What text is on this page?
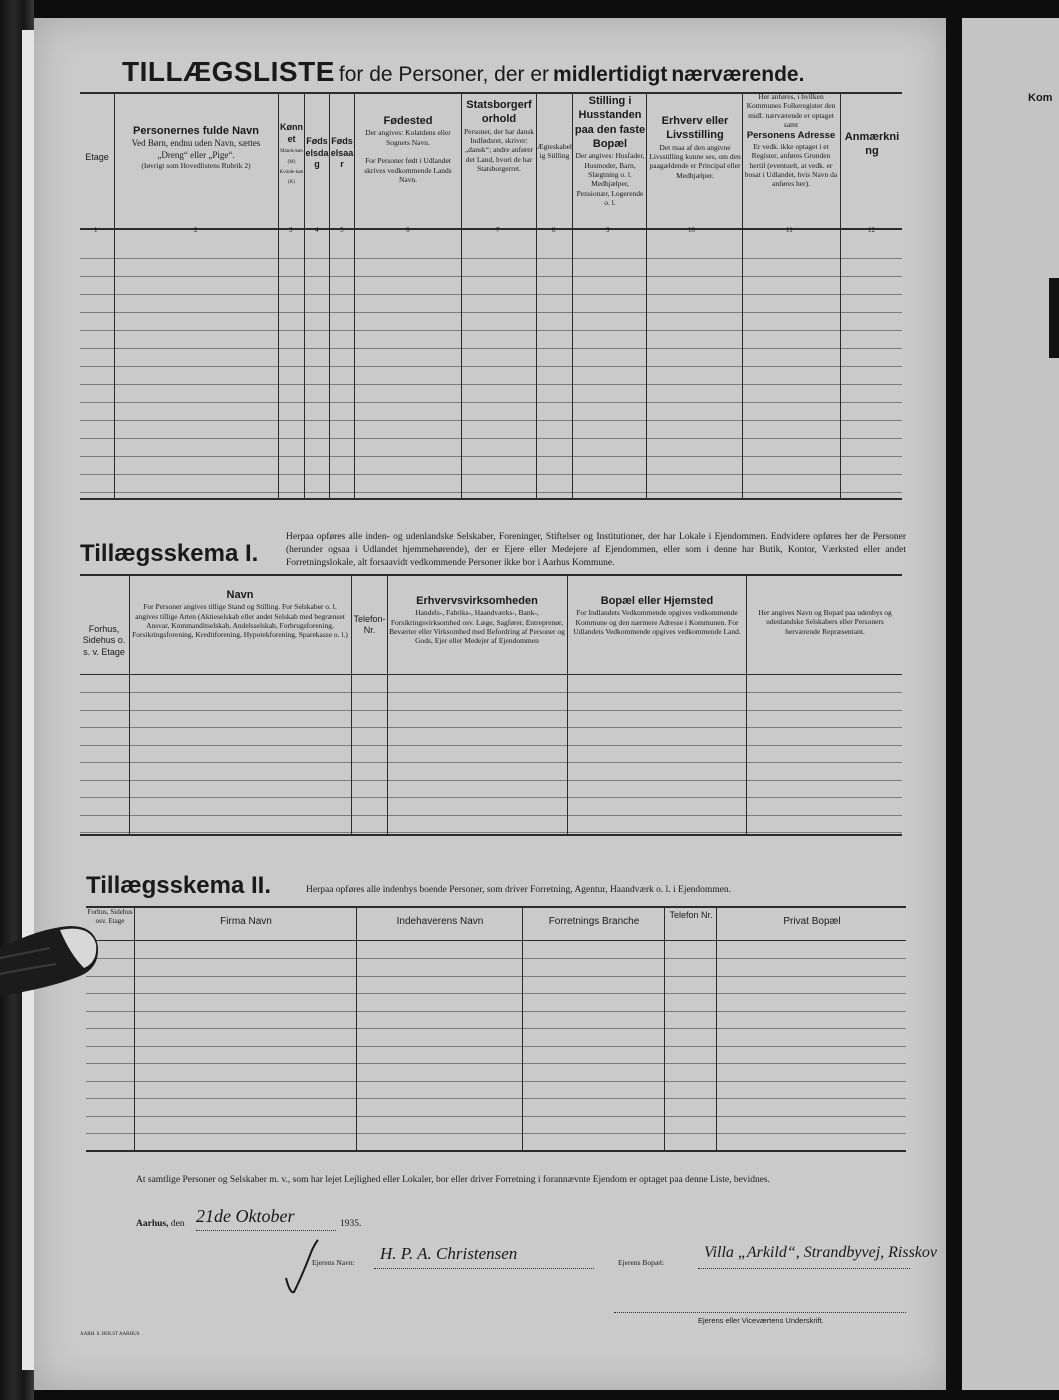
Kom
TILLÆGSLISTE for de Personer, der er midlertidigt nærværende.
Etage
Personernes fulde Navn
Ved Børn, endnu uden Navn, sættes „Dreng“ eller „Pige“.
(Iøvrigt som Hovedlistens Rubrik 2)
Kønnet
Mands-køn (M) Kvinde-køn (K)
Fødselsdag
Fødselsaar
Fødested
Der angives: Kolatdens eller Sognets Navn.

For Personer født i Udlandet skrives vedkommende Lands Navn.
Statsborgerforhold
Personer, der har dansk Indfødsret, skriver: „dansk“; andre anfører det Land, hvori de har Statsborgerret.
Ægteskabelig Stilling
Stilling i Husstanden paa den faste Bopæl
Der angives: Husfader, Husmoder, Barn, Slægtning o. l. Medhjælper, Pensionær, Logerende o. l.
Erhverv eller Livsstilling
Det maa af den angivne Livsstilling kunne ses, om den paagældende er Principal eller Medhjælper.
Her anføres, i hvilken Kommunes Folkeregister den midl. nærværende er optaget samt
Personens Adresse
Er vedk. ikke optaget i et Register, anføres Grunden hertil (eventuelt, at vedk. er bosat i Udlandet, hvis Navn da anføres her).
Anmærkning
1	2	3	4	5	6	7	8	9	10	11	12
Tillægsskema I.
Herpaa opføres alle inden- og udenlandske Selskaber, Foreninger, Stiftelser og Institutioner, der har Lokale i Ejendommen. Endvidere opføres her de Personer (herunder ogsaa i Udlandet hjemmehørende), der er Ejere eller Medejere af Ejendommen, eller som i denne har Butik, Kontor, Værksted eller andet Forretningslokale, alt forsaavidt vedkommende Personer ikke bor i Aarhus Kommune.
Forhus, Sidehus o. s. v. Etage
Navn
For Personer angives tillige Stand og Stilling. For Selskaber o. l. angives tillige Arten (Aktieselskab eller andet Selskab med begrænset Ansvar, Kommanditselskab, Andelsselskab, Forbrugsforening, Forsikringsforening, Kreditforening, Hypotekforening, Sparekasse o. l.)
Telefon-Nr.
Erhvervsvirksomheden
Handels-, Fabriks-, Haandværks-, Bank-, Forsikringsvirksomhed osv. Læge, Sagfører, Entreprenør, Beværter eller Virksomhed med Befordring af Personer og Gods, Ejer eller Medejer af Ejendommen
Bopæl eller Hjemsted
For Indlandets Vedkommende opgives vedkommende Kommune og den nærmere Adresse i Kommunen. For Udlandets Vedkommende opgives vedkommende Land.
Her angives Navn og Bopæl paa udenbys og udenlandske Selskabers eller Personers herværende Repræsentant.
Tillægsskema II.	Herpaa opføres alle indenbys boende Personer, som driver Forretning, Agentur, Haandværk o. l. i Ejendommen.
Forhus, Sidehus osv. Etage	Firma Navn	Indehaverens Navn	Forretnings Branche
Telefon Nr.
Privat Bopæl
At samtlige Personer og Selskaber m. v., som har lejet Lejlighed eller Lokaler, bor eller driver Forretning i forannævnte Ejendom er optaget paa denne Liste, bevidnes.
Aarhus, den 21de Oktober	1935.
Ejerens Navn: H. P. A. Christensen	Ejerens Bopæl:
Villa „Arkild“, Strandbyvej, Risskov
Ejerens eller Viceværtens Underskrift.
AARH. S. HOLST AARHUS
